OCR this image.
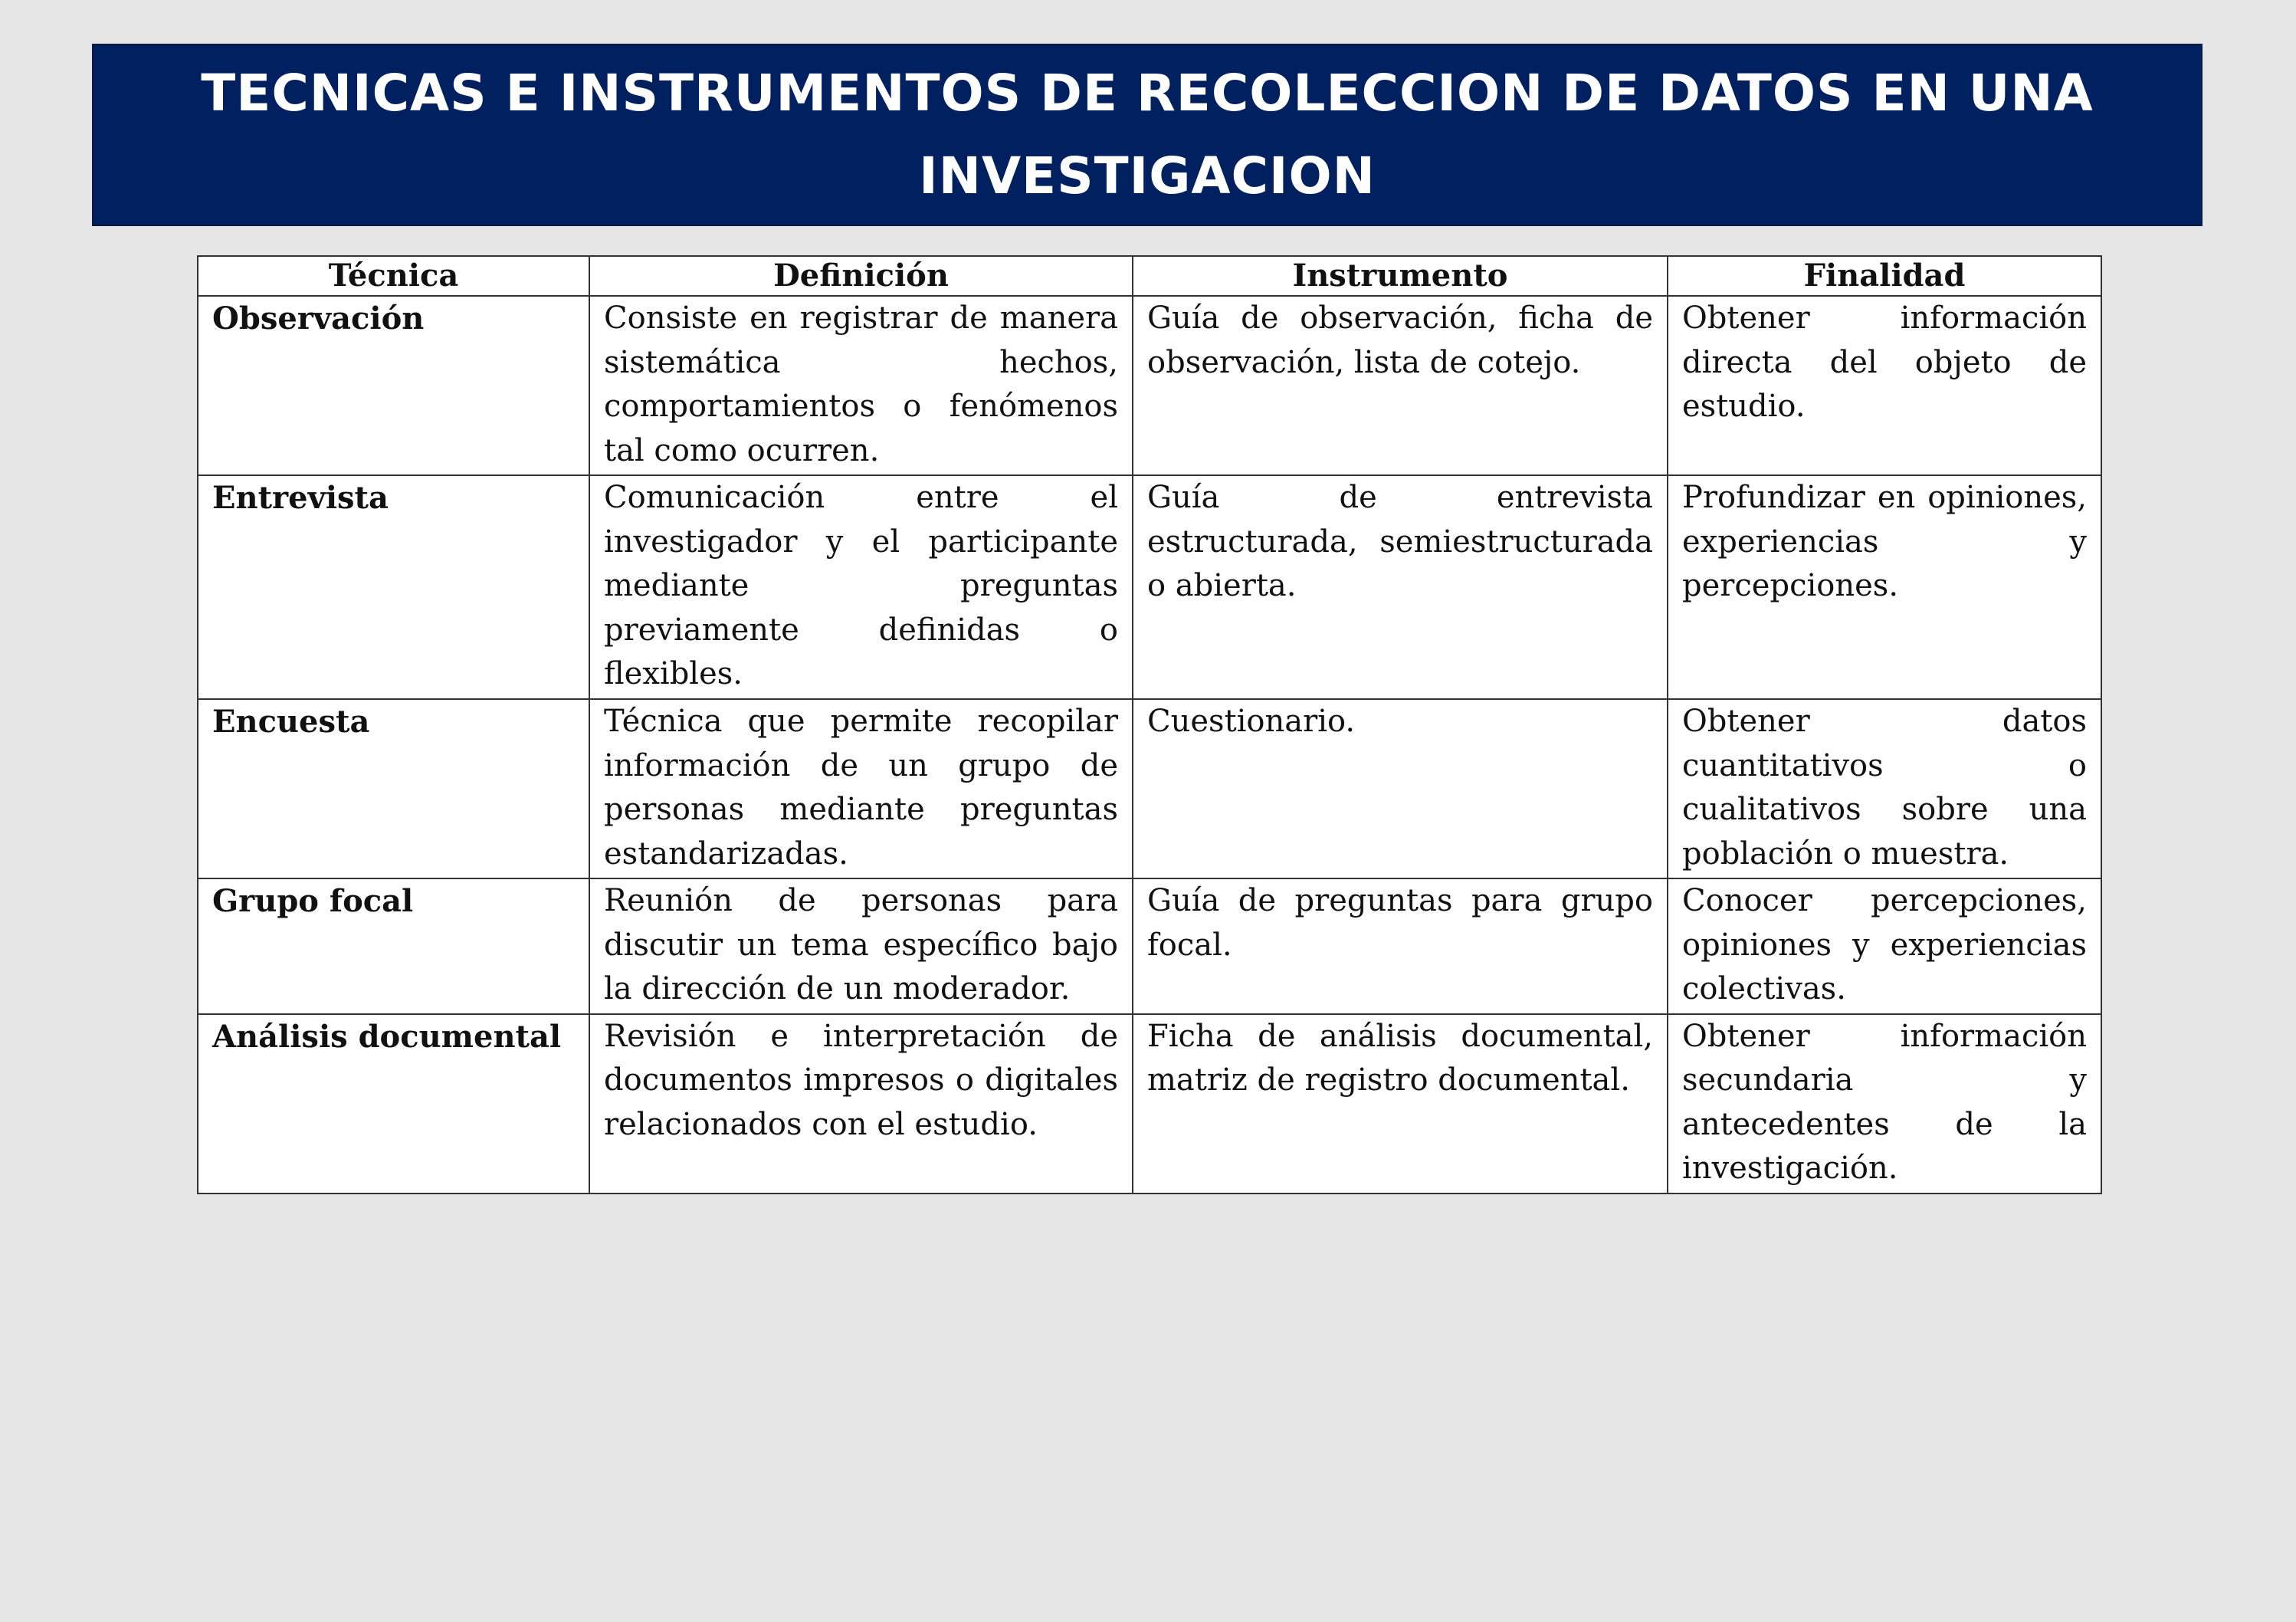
TECNICAS E INSTRUMENTOS DE RECOLECCION DE DATOS EN UNA INVESTIGACION
Técnica	Definición	Instrumento	Finalidad
Observación	Consiste en registrar de manera sistemática hechos, comportamientos o fenómenos tal como ocurren.	Guía de observación, ficha de observación, lista de cotejo.	Obtener información directa del objeto de estudio.
Entrevista	Comunicación entre el investigador y el participante mediante preguntas previamente definidas o flexibles.	Guía de entrevista estructurada, semiestructurada o abierta.	Profundizar en opiniones, experiencias y percepciones.
Encuesta	Técnica que permite recopilar información de un grupo de personas mediante preguntas estandarizadas.	Cuestionario.	Obtener datos cuantitativos o cualitativos sobre una población o muestra.
Grupo focal	Reunión de personas para discutir un tema específico bajo la dirección de un moderador.	Guía de preguntas para grupo focal.	Conocer percepciones, opiniones y experiencias colectivas.
Análisis documental	Revisión e interpretación de documentos impresos o digitales relacionados con el estudio.	Ficha de análisis documental, matriz de registro documental.	Obtener información secundaria y antecedentes de la investigación.
